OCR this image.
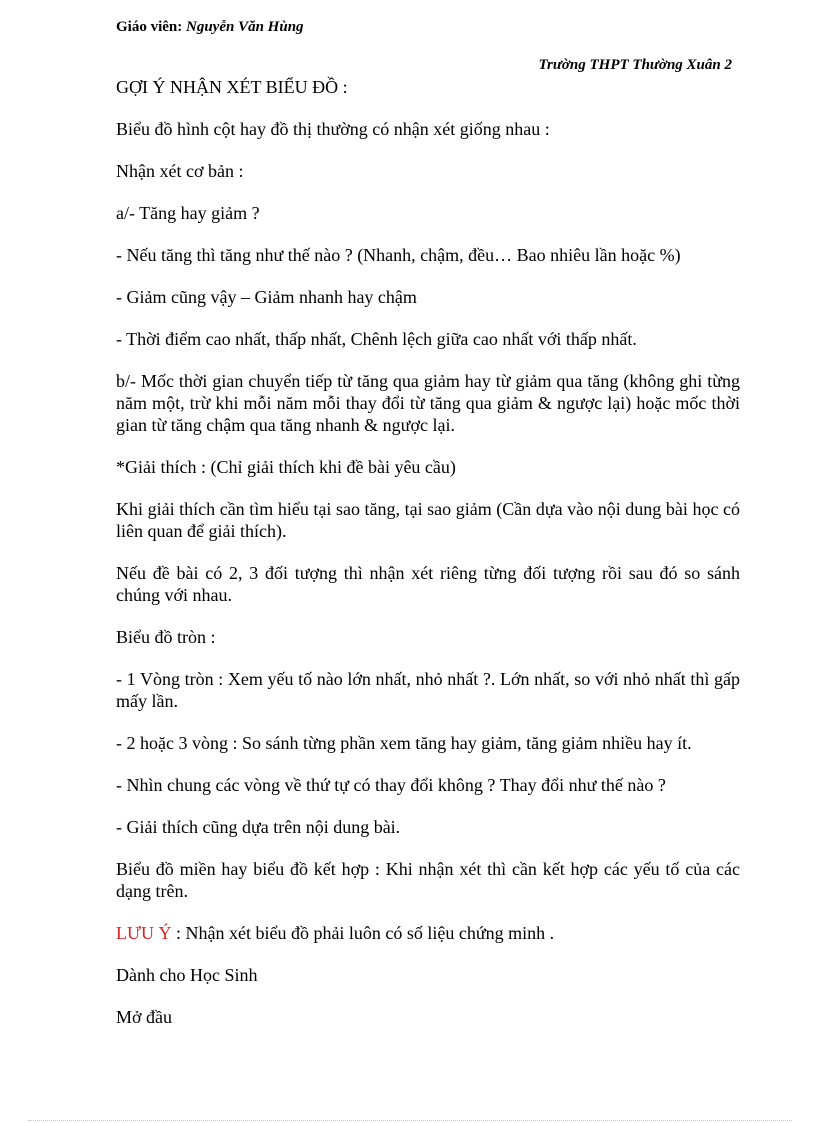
Giáo viên: Nguyễn Văn Hùng
Trường THPT Thường Xuân 2

GỢI Ý NHẬN XÉT BIỂU ĐỒ :

Biểu đồ hình cột hay đồ thị thường có nhận xét giống nhau :

Nhận xét cơ bản :

a/- Tăng hay giảm ?

- Nếu tăng thì tăng như thế nào ? (Nhanh, chậm, đều… Bao nhiêu lần hoặc %)

- Giảm cũng vậy – Giảm nhanh hay chậm

- Thời điểm cao nhất, thấp nhất, Chênh lệch giữa cao nhất với thấp nhất.

b/- Mốc thời gian chuyển tiếp từ tăng qua giảm hay từ giảm qua tăng (không ghi từng năm một, trừ khi mỗi năm mỗi thay đổi từ tăng qua giảm & ngược lại) hoặc mốc thời gian từ tăng chậm qua tăng nhanh & ngược lại.

*Giải thích : (Chỉ giải thích khi đề bài yêu cầu)

Khi giải thích cần tìm hiểu tại sao tăng, tại sao giảm (Cần dựa vào nội dung bài học có liên quan để giải thích).

Nếu đề bài có 2, 3 đối tượng thì nhận xét riêng từng đối tượng rồi sau đó so sánh chúng với nhau.

Biểu đồ tròn :

- 1 Vòng tròn : Xem yếu tố nào lớn nhất, nhỏ nhất ?. Lớn nhất, so với nhỏ nhất thì gấp mấy lần.

- 2 hoặc 3 vòng : So sánh từng phần xem tăng hay giảm, tăng giảm nhiều hay ít.

- Nhìn chung các vòng về thứ tự có thay đổi không ? Thay đổi như thế nào ?

- Giải thích cũng dựa trên nội dung bài.

Biểu đồ miền hay biểu đồ kết hợp : Khi nhận xét thì cần kết hợp các yếu tố của các dạng trên.

LƯU Ý : Nhận xét biểu đồ phải luôn có số liệu chứng minh .

Dành cho Học Sinh

Mở đầu
